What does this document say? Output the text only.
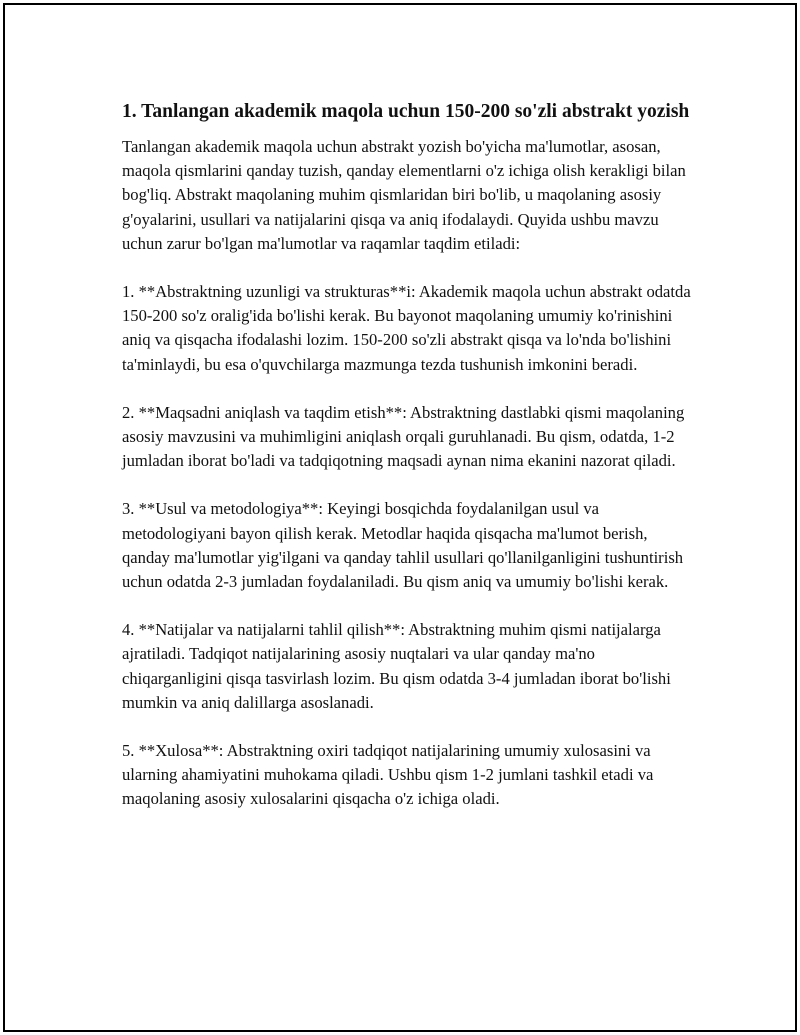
1. Tanlangan akademik maqola uchun 150-200 so'zli abstrakt yozish

Tanlangan akademik maqola uchun abstrakt yozish bo'yicha ma'lumotlar, asosan, maqola qismlarini qanday tuzish, qanday elementlarni o'z ichiga olish kerakligi bilan bog'liq. Abstrakt maqolaning muhim qismlaridan biri bo'lib, u maqolaning asosiy g'oyalarini, usullari va natijalarini qisqa va aniq ifodalaydi. Quyida ushbu mavzu uchun zarur bo'lgan ma'lumotlar va raqamlar taqdim etiladi:

1. **Abstraktning uzunligi va strukturas**i: Akademik maqola uchun abstrakt odatda 150-200 so'z oralig'ida bo'lishi kerak. Bu bayonot maqolaning umumiy ko'rinishini aniq va qisqacha ifodalashi lozim. 150-200 so'zli abstrakt qisqa va lo'nda bo'lishini ta'minlaydi, bu esa o'quvchilarga mazmunga tezda tushunish imkonini beradi.

2. **Maqsadni aniqlash va taqdim etish**: Abstraktning dastlabki qismi maqolaning asosiy mavzusini va muhimligini aniqlash orqali guruhlanadi. Bu qism, odatda, 1-2 jumladan iborat bo'ladi va tadqiqotning maqsadi aynan nima ekanini nazorat qiladi.

3. **Usul va metodologiya**: Keyingi bosqichda foydalanilgan usul va metodologiyani bayon qilish kerak. Metodlar haqida qisqacha ma'lumot berish, qanday ma'lumotlar yig'ilgani va qanday tahlil usullari qo'llanilganligini tushuntirish uchun odatda 2-3 jumladan foydalaniladi. Bu qism aniq va umumiy bo'lishi kerak.

4. **Natijalar va natijalarni tahlil qilish**: Abstraktning muhim qismi natijalarga ajratiladi. Tadqiqot natijalarining asosiy nuqtalari va ular qanday ma'no chiqarganligini qisqa tasvirlash lozim. Bu qism odatda 3-4 jumladan iborat bo'lishi mumkin va aniq dalillarga asoslanadi.

5. **Xulosa**: Abstraktning oxiri tadqiqot natijalarining umumiy xulosasini va ularning ahamiyatini muhokama qiladi. Ushbu qism 1-2 jumlani tashkil etadi va maqolaning asosiy xulosalarini qisqacha o'z ichiga oladi.
